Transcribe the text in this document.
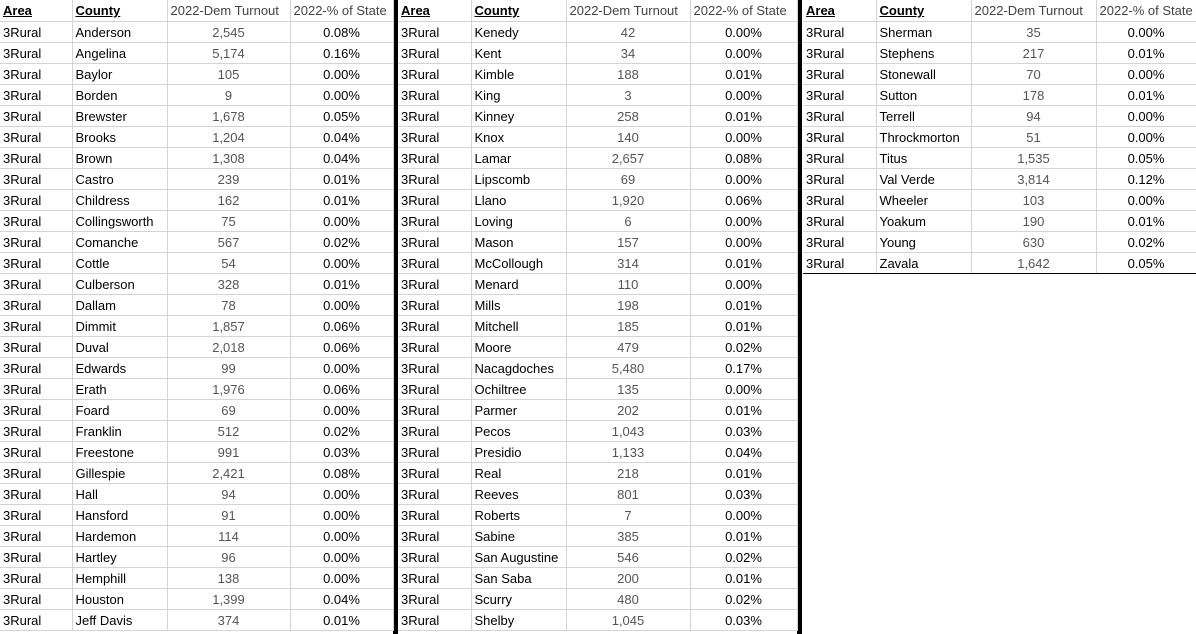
Area	County	2022-Dem Turnout	2022-% of State
3Rural	Anderson	2,545	0.08%
3Rural	Angelina	5,174	0.16%
3Rural	Baylor	105	0.00%
3Rural	Borden	9	0.00%
3Rural	Brewster	1,678	0.05%
3Rural	Brooks	1,204	0.04%
3Rural	Brown	1,308	0.04%
3Rural	Castro	239	0.01%
3Rural	Childress	162	0.01%
3Rural	Collingsworth	75	0.00%
3Rural	Comanche	567	0.02%
3Rural	Cottle	54	0.00%
3Rural	Culberson	328	0.01%
3Rural	Dallam	78	0.00%
3Rural	Dimmit	1,857	0.06%
3Rural	Duval	2,018	0.06%
3Rural	Edwards	99	0.00%
3Rural	Erath	1,976	0.06%
3Rural	Foard	69	0.00%
3Rural	Franklin	512	0.02%
3Rural	Freestone	991	0.03%
3Rural	Gillespie	2,421	0.08%
3Rural	Hall	94	0.00%
3Rural	Hansford	91	0.00%
3Rural	Hardemon	114	0.00%
3Rural	Hartley	96	0.00%
3Rural	Hemphill	138	0.00%
3Rural	Houston	1,399	0.04%
3Rural	Jeff Davis	374	0.01%
Area	County	2022-Dem Turnout	2022-% of State
3Rural	Kenedy	42	0.00%
3Rural	Kent	34	0.00%
3Rural	Kimble	188	0.01%
3Rural	King	3	0.00%
3Rural	Kinney	258	0.01%
3Rural	Knox	140	0.00%
3Rural	Lamar	2,657	0.08%
3Rural	Lipscomb	69	0.00%
3Rural	Llano	1,920	0.06%
3Rural	Loving	6	0.00%
3Rural	Mason	157	0.00%
3Rural	McCollough	314	0.01%
3Rural	Menard	110	0.00%
3Rural	Mills	198	0.01%
3Rural	Mitchell	185	0.01%
3Rural	Moore	479	0.02%
3Rural	Nacagdoches	5,480	0.17%
3Rural	Ochiltree	135	0.00%
3Rural	Parmer	202	0.01%
3Rural	Pecos	1,043	0.03%
3Rural	Presidio	1,133	0.04%
3Rural	Real	218	0.01%
3Rural	Reeves	801	0.03%
3Rural	Roberts	7	0.00%
3Rural	Sabine	385	0.01%
3Rural	San Augustine	546	0.02%
3Rural	San Saba	200	0.01%
3Rural	Scurry	480	0.02%
3Rural	Shelby	1,045	0.03%
Area	County	2022-Dem Turnout	2022-% of State
3Rural	Sherman	35	0.00%
3Rural	Stephens	217	0.01%
3Rural	Stonewall	70	0.00%
3Rural	Sutton	178	0.01%
3Rural	Terrell	94	0.00%
3Rural	Throckmorton	51	0.00%
3Rural	Titus	1,535	0.05%
3Rural	Val Verde	3,814	0.12%
3Rural	Wheeler	103	0.00%
3Rural	Yoakum	190	0.01%
3Rural	Young	630	0.02%
3Rural	Zavala	1,642	0.05%
